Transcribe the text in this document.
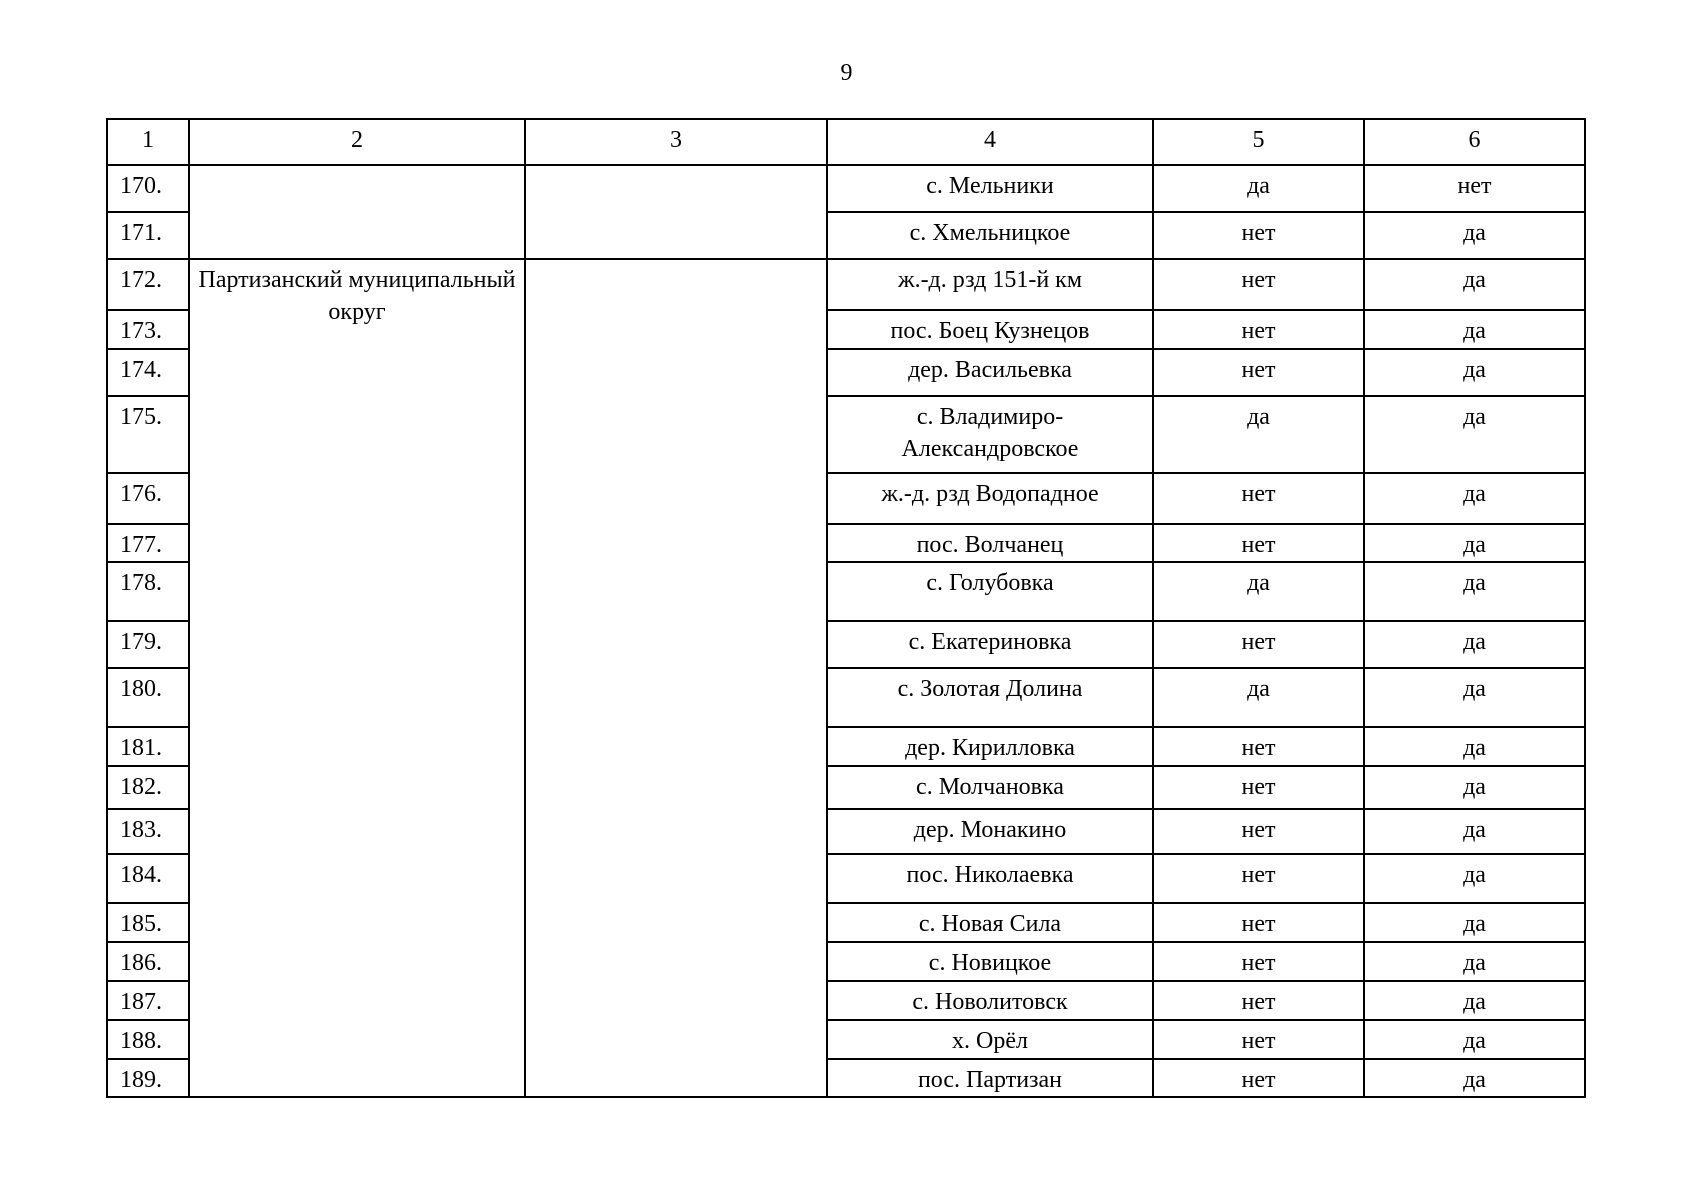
9
1	2	3	4	5	6
170.			с. Мельники	да	нет
171.			с. Хмельницкое	нет	да
172.	Партизанский муниципальный округ		ж.-д. рзд 151-й км	нет	да
173.			пос. Боец Кузнецов	нет	да
174.			дер. Васильевка	нет	да
175.			с. Владимиро-Александровское	да	да
176.			ж.-д. рзд Водопадное	нет	да
177.			пос. Волчанец	нет	да
178.			с. Голубовка	да	да
179.			с. Екатериновка	нет	да
180.			с. Золотая Долина	да	да
181.			дер. Кирилловка	нет	да
182.			с. Молчановка	нет	да
183.			дер. Монакино	нет	да
184.			пос. Николаевка	нет	да
185.			с. Новая Сила	нет	да
186.			с. Новицкое	нет	да
187.			с. Новолитовск	нет	да
188.			х. Орёл	нет	да
189.			пос. Партизан	нет	да
